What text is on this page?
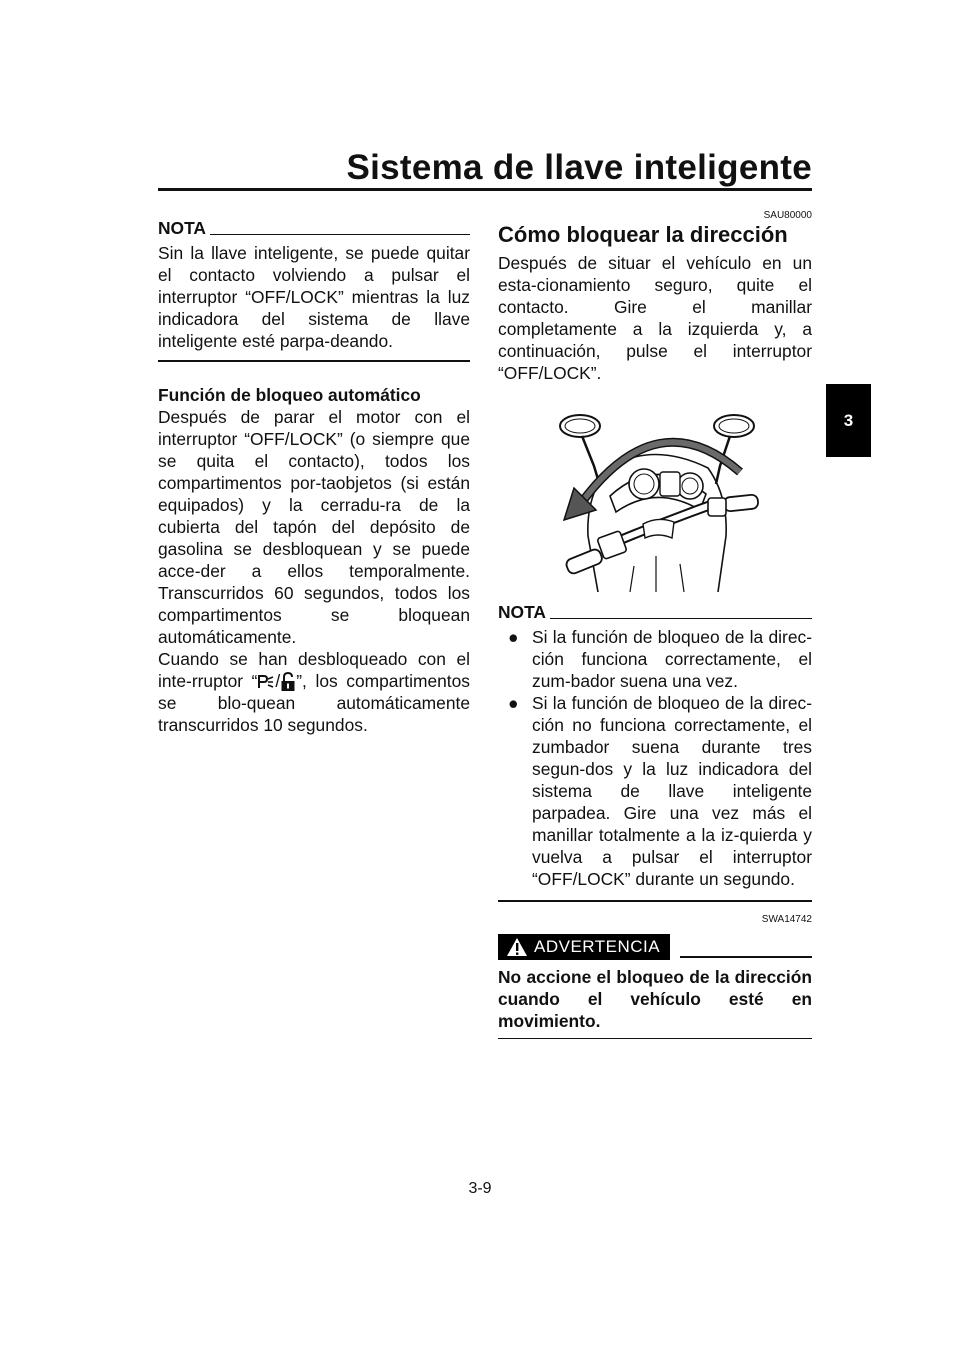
Sistema de llave inteligente
3
NOTA
Sin la llave inteligente, se puede quitar el contacto volviendo a pulsar el interruptor “OFF/LOCK” mientras la luz indicadora del sistema de llave inteligente esté parpa-deando.
Función de bloqueo automático
Después de parar el motor con el interruptor “OFF/LOCK” (o siempre que se quita el contacto), todos los compartimentos por-taobjetos (si están equipados) y la cerradu-ra de la cubierta del tapón del depósito de gasolina se desbloquean y se puede acce-der a ellos temporalmente. Transcurridos 60 segundos, todos los compartimentos se bloquean automáticamente.
Cuando se han desbloqueado con el inte-rruptor “ / ”, los compartimentos se blo-quean automáticamente transcurridos 10 segundos.
SAU80000
Cómo bloquear la dirección
Después de situar el vehículo en un esta-cionamiento seguro, quite el contacto. Gire el manillar completamente a la izquierda y, a continuación, pulse el interruptor “OFF/LOCK”.
NOTA
● Si la función de bloqueo de la direc-ción funciona correctamente, el zum-bador suena una vez.
● Si la función de bloqueo de la direc-ción no funciona correctamente, el zumbador suena durante tres segun-dos y la luz indicadora del sistema de llave inteligente parpadea. Gire una vez más el manillar totalmente a la iz-quierda y vuelva a pulsar el interruptor “OFF/LOCK” durante un segundo.
SWA14742
ADVERTENCIA
No accione el bloqueo de la dirección cuando el vehículo esté en movimiento.
3-9
